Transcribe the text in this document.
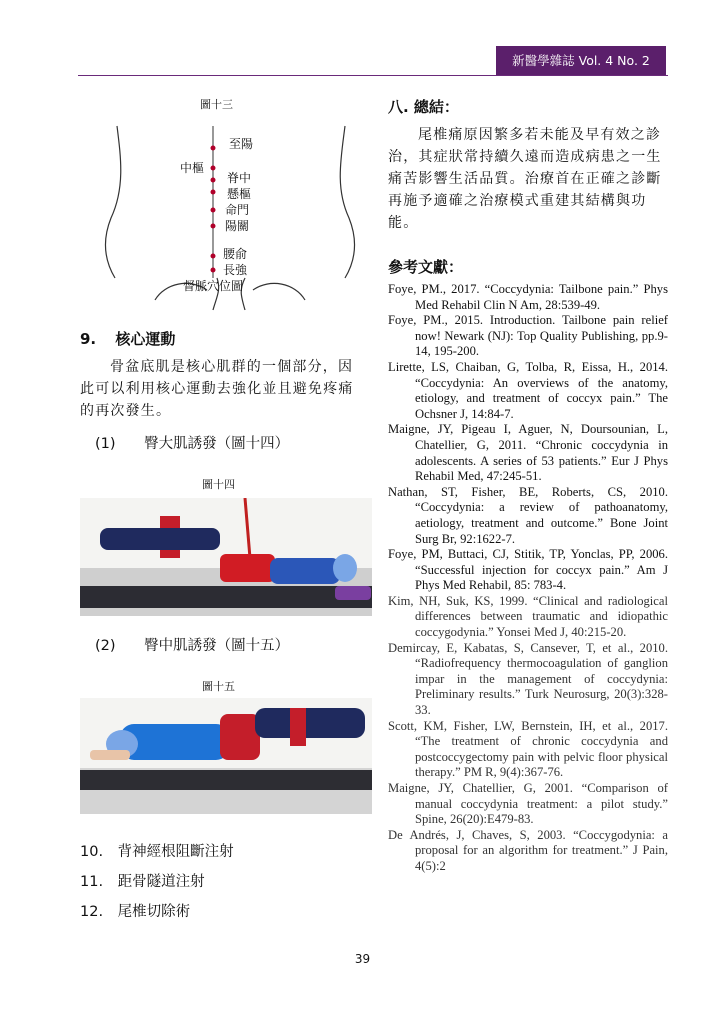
新醫學雜誌 Vol. 4 No. 2
圖十三
至陽
中樞
脊中
懸樞
命門
陽關
腰俞
長強
督脈穴位圖
9. 核心運動
骨盆底肌是核心肌群的一個部分，因此可以利用核心運動去強化並且避免疼痛的再次發生。
(1) 臀大肌誘發（圖十四）
圖十四
(2) 臀中肌誘發（圖十五）
圖十五
10. 背神經根阻斷注射
11. 距骨隧道注射
12. 尾椎切除術
八. 總結：
尾椎痛原因繁多若未能及早有效之診治，其症狀常持續久遠而造成病患之一生痛苦影響生活品質。治療首在正確之診斷再施予適確之治療模式重建其結構與功能。
參考文獻：

Foye, PM., 2017. “Coccydynia: Tailbone pain.” Phys Med Rehabil Clin N Am, 28:539-49.

Foye, PM., 2015. Introduction. Tailbone pain relief now! Newark (NJ): Top Quality Publishing, pp.9-14, 195-200.

Lirette, LS, Chaiban, G, Tolba, R, Eissa, H., 2014. “Coccydynia: An overviews of the anatomy, etiology, and treatment of coccyx pain.” The Ochsner J, 14:84-7.

Maigne, JY, Pigeau I, Aguer, N, Doursounian, L, Chatellier, G, 2011. “Chronic coccydynia in adolescents. A series of 53 patients.” Eur J Phys Rehabil Med, 47:245-51.

Nathan, ST, Fisher, BE, Roberts, CS, 2010. “Coccydynia: a review of pathoanatomy, aetiology, treatment and outcome.” Bone Joint Surg Br, 92:1622-7.

Foye, PM, Buttaci, CJ, Stitik, TP, Yonclas, PP, 2006. “Successful injection for coccyx pain.” Am J Phys Med Rehabil, 85: 783-4.

Kim, NH, Suk, KS, 1999. “Clinical and radiological differences between traumatic and idiopathic coccygodynia.” Yonsei Med J, 40:215-20.

Demircay, E, Kabatas, S, Cansever, T, et al., 2010. “Radiofrequency thermocoagulation of ganglion impar in the management of coccydynia: Preliminary results.” Turk Neurosurg, 20(3):328-33.

Scott, KM, Fisher, LW, Bernstein, IH, et al., 2017. “The treatment of chronic coccydynia and postcoccygectomy pain with pelvic floor physical therapy.” PM R, 9(4):367-76.

Maigne, JY, Chatellier, G, 2001. “Comparison of manual coccydynia treatment: a pilot study.” Spine, 26(20):E479-83.

De Andrés, J, Chaves, S, 2003. “Coccygodynia: a proposal for an algorithm for treatment.” J Pain, 4(5):2

39
